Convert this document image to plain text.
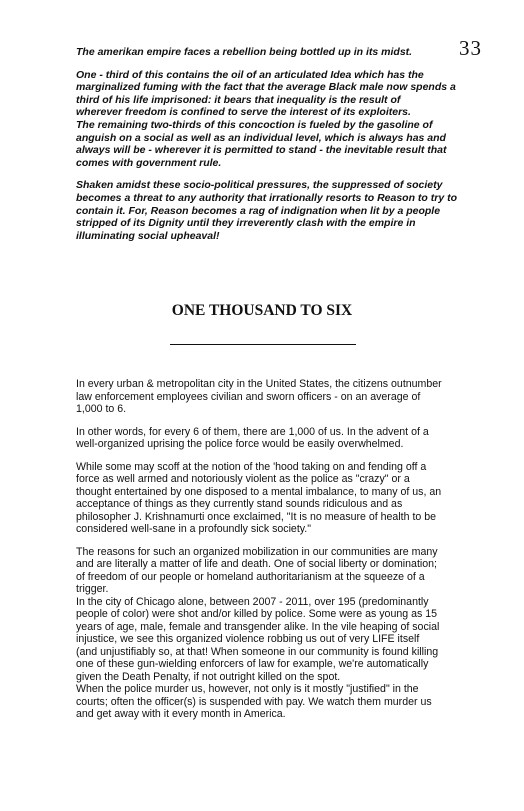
33

The amerikan empire faces a rebellion being bottled up in its midst.

One - third of this contains the oil of an articulated Idea which has the
marginalized fuming with the fact that the average Black male now spends a
third of his life imprisoned: it bears that inequality is the result of
wherever freedom is confined to serve the interest of its exploiters.
The remaining two-thirds of this concoction is fueled by the gasoline of
anguish on a social as well as an individual level, which is always has and
always will be - wherever it is permitted to stand - the inevitable result that
comes with government rule.

Shaken amidst these socio-political pressures, the suppressed of society
becomes a threat to any authority that irrationally resorts to Reason to try to
contain it. For, Reason becomes a rag of indignation when lit by a people
stripped of its Dignity until they irreverently clash with the empire in
illuminating social upheaval!

ONE THOUSAND TO SIX

In every urban & metropolitan city in the United States, the citizens outnumber
law enforcement employees civilian and sworn officers - on an average of
1,000 to 6.

In other words, for every 6 of them, there are 1,000 of us. In the advent of a
well-organized uprising the police force would be easily overwhelmed.

While some may scoff at the notion of the 'hood taking on and fending off a
force as well armed and notoriously violent as the police as "crazy" or a
thought entertained by one disposed to a mental imbalance, to many of us, an
acceptance of things as they currently stand sounds ridiculous and as
philosopher J. Krishnamurti once exclaimed, "It is no measure of health to be
considered well-sane in a profoundly sick society."

The reasons for such an organized mobilization in our communities are many
and are literally a matter of life and death. One of social liberty or domination;
of freedom of our people or homeland authoritarianism at the squeeze of a
trigger.

In the city of Chicago alone, between 2007 - 2011, over 195 (predominantly
people of color) were shot and/or killed by police. Some were as young as 15
years of age, male, female and transgender alike. In the vile heaping of social
injustice, we see this organized violence robbing us out of very LIFE itself
(and unjustifiably so, at that! When someone in our community is found killing
one of these gun-wielding enforcers of law for example, we're automatically
given the Death Penalty, if not outright killed on the spot.
When the police murder us, however, not only is it mostly "justified" in the
courts; often the officer(s) is suspended with pay. We watch them murder us
and get away with it every month in America.
